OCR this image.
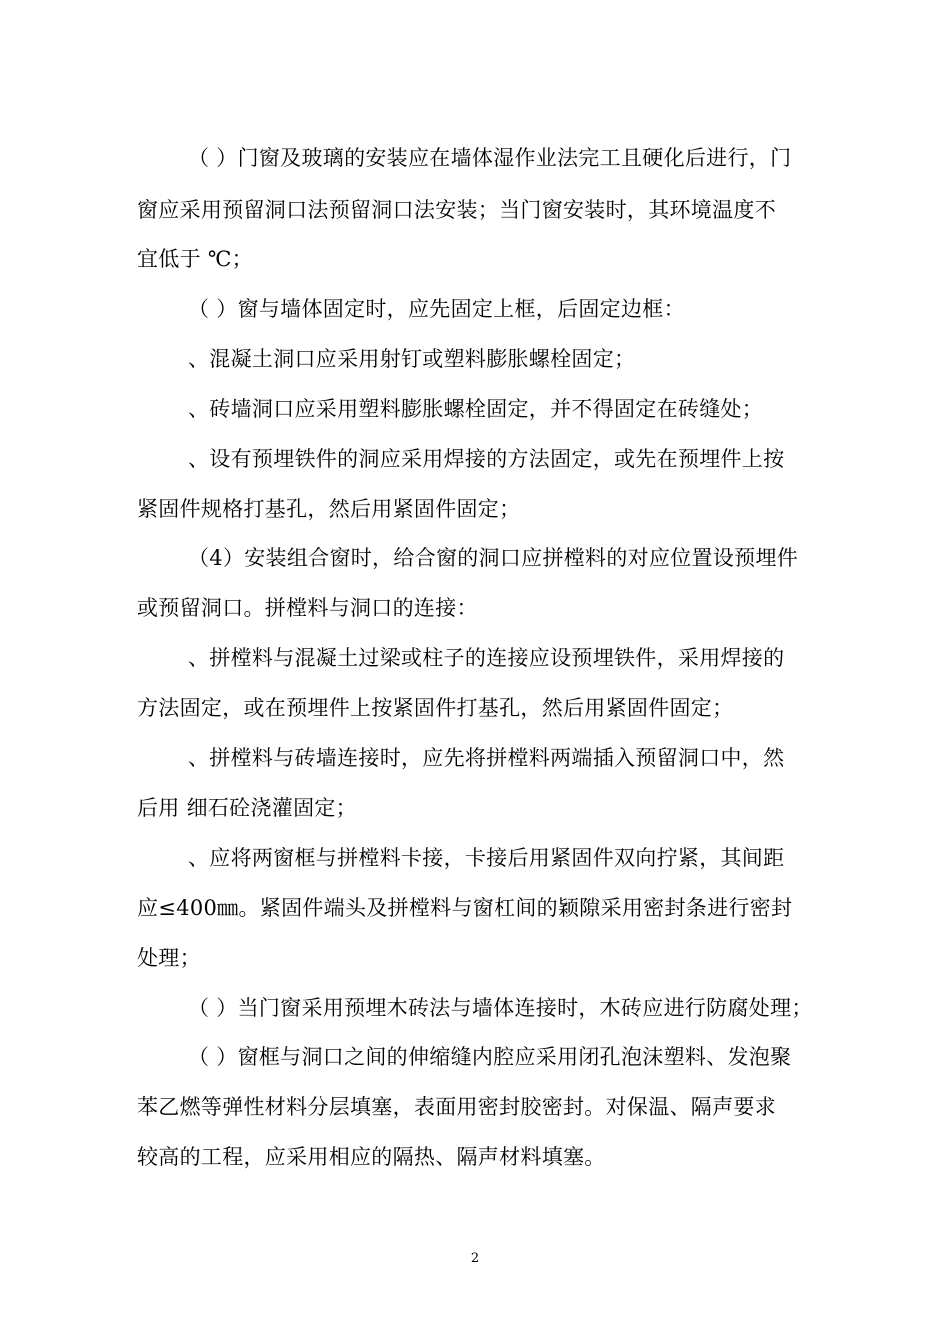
（ ）门窗及玻璃的安装应在墙体湿作业法完工且硬化后进行，门
窗应采用预留洞口法预留洞口法安装；当门窗安装时，其环境温度不
宜低于 ℃；
（ ）窗与墙体固定时，应先固定上框，后固定边框：
、混凝土洞口应采用射钉或塑料膨胀螺栓固定；
、砖墙洞口应采用塑料膨胀螺栓固定，并不得固定在砖缝处；
、设有预埋铁件的洞应采用焊接的方法固定，或先在预埋件上按
紧固件规格打基孔，然后用紧固件固定；
（4）安装组合窗时，给合窗的洞口应拼樘料的对应位置设预埋件
或预留洞口。拼樘料与洞口的连接：
、拼樘料与混凝土过梁或柱子的连接应设预埋铁件，采用焊接的
方法固定，或在预埋件上按紧固件打基孔，然后用紧固件固定；
、拼樘料与砖墙连接时，应先将拼樘料两端插入预留洞口中，然
后用 细石砼浇灌固定；
、应将两窗框与拼樘料卡接，卡接后用紧固件双向拧紧，其间距
应≤400㎜。紧固件端头及拼樘料与窗杠间的颖隙采用密封条进行密封
处理；
（ ）当门窗采用预埋木砖法与墙体连接时，木砖应进行防腐处理；
（ ）窗框与洞口之间的伸缩缝内腔应采用闭孔泡沫塑料、发泡聚
苯乙燃等弹性材料分层填塞，表面用密封胶密封。对保温、隔声要求
较高的工程，应采用相应的隔热、隔声材料填塞。
2
